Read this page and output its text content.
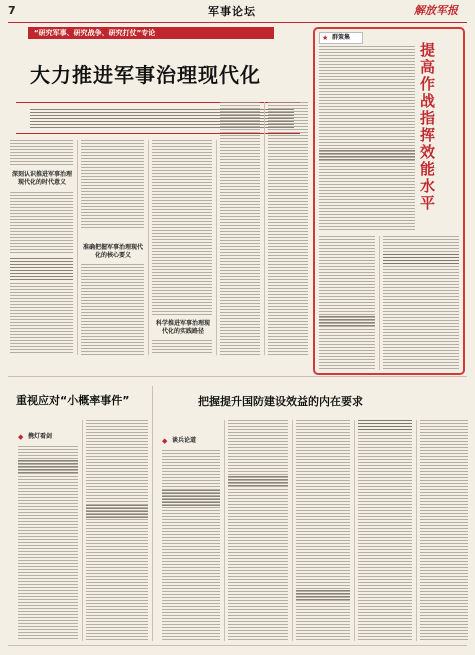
7	军事论坛	解放军报
“研究军事、研究战争、研究打仗”专论
大力推进军事治理现代化
深刻认识推进军事治理现代化的时代意义
准确把握军事治理现代化的核心要义
科学推进军事治理现代化的实践路径
★ 群策集
提高作战指挥效能水平
重视应对“小概率事件”
◆ 携灯看剑
把握提升国防建设效益的内在要求
◆ 谈兵论道
